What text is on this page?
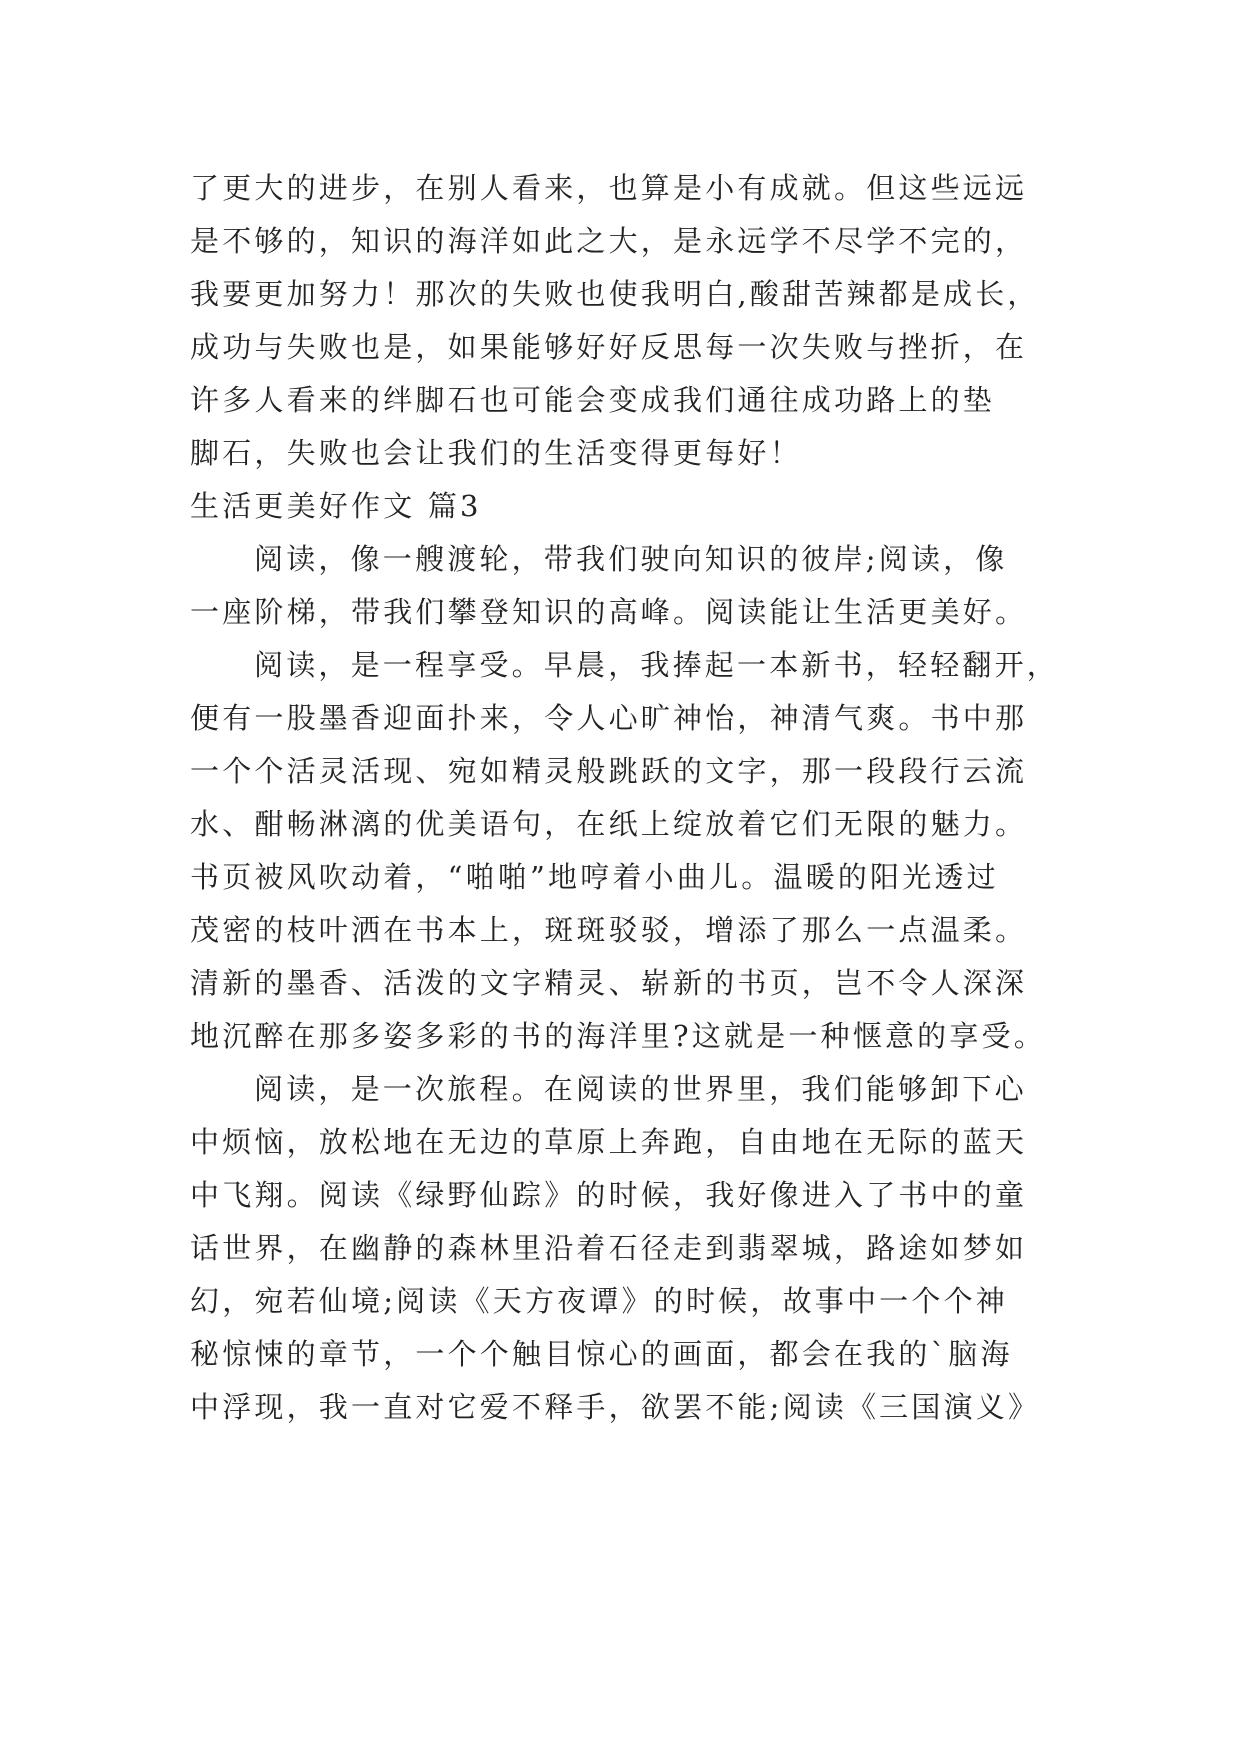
了更大的进步，在别人看来，也算是小有成就。但这些远远
是不够的，知识的海洋如此之大，是永远学不尽学不完的，
我要更加努力！那次的失败也使我明白,酸甜苦辣都是成长，
成功与失败也是，如果能够好好反思每一次失败与挫折，在
许多人看来的绊脚石也可能会变成我们通往成功路上的垫
脚石，失败也会让我们的生活变得更每好！
生活更美好作文 篇3
阅读，像一艘渡轮，带我们驶向知识的彼岸;阅读，像
一座阶梯，带我们攀登知识的高峰。阅读能让生活更美好。
阅读，是一程享受。早晨，我捧起一本新书，轻轻翻开，
便有一股墨香迎面扑来，令人心旷神怡，神清气爽。书中那
一个个活灵活现、宛如精灵般跳跃的文字，那一段段行云流
水、酣畅淋漓的优美语句，在纸上绽放着它们无限的魅力。
书页被风吹动着，“啪啪”地哼着小曲儿。温暖的阳光透过
茂密的枝叶洒在书本上，斑斑驳驳，增添了那么一点温柔。
清新的墨香、活泼的文字精灵、崭新的书页，岂不令人深深
地沉醉在那多姿多彩的书的海洋里?这就是一种惬意的享受。
阅读，是一次旅程。在阅读的世界里，我们能够卸下心
中烦恼，放松地在无边的草原上奔跑，自由地在无际的蓝天
中飞翔。阅读《绿野仙踪》的时候，我好像进入了书中的童
话世界，在幽静的森林里沿着石径走到翡翠城，路途如梦如
幻，宛若仙境;阅读《天方夜谭》的时候，故事中一个个神
秘惊悚的章节，一个个触目惊心的画面，都会在我的`脑海
中浮现，我一直对它爱不释手，欲罢不能;阅读《三国演义》
